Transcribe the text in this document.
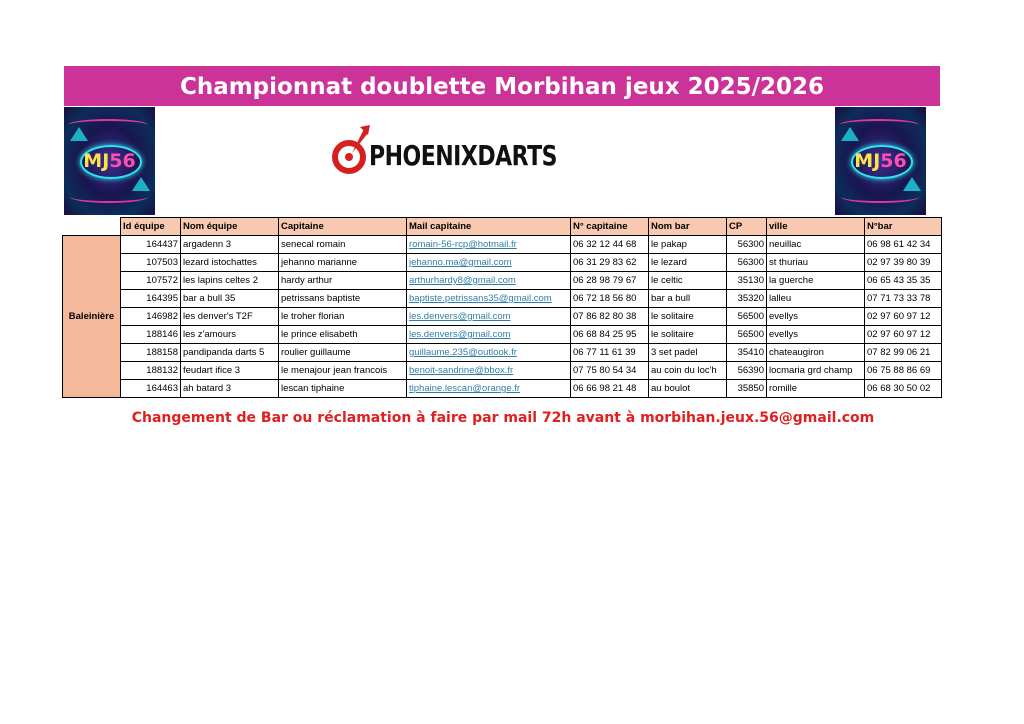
Championnat doublette Morbihan jeux 2025/2026
MJ56	MJ56
PHOENIXDARTS
	Id équipe	Nom équipe	Capitaine	Mail capitaine	N° capitaine	Nom bar	CP	ville	N°bar
Baleinière	164437	argadenn 3	senecal romain	romain-56-rcp@hotmail.fr	06 32 12 44 68	le pakap	56300	neuillac	06 98 61 42 34
	107503	lezard istochattes	jehanno marianne	jehanno.ma@gmail.com	06 31 29 83 62	le lezard	56300	st thuriau	02 97 39 80 39
	107572	les lapins celtes 2	hardy arthur	arthurhardy8@gmail.com	06 28 98 79 67	le celtic	35130	la guerche	06 65 43 35 35
	164395	bar a bull 35	petrissans baptiste	baptiste.petrissans35@gmail.com	06 72 18 56 80	bar a bull	35320	lalleu	07 71 73 33 78
	146982	les denver's T2F	le troher florian	les.denvers@gmail.com	07 86 82 80 38	le solitaire	56500	evellys	02 97 60 97 12
	188146	les z'amours	le prince elisabeth	les.denvers@gmail.com	06 68 84 25 95	le solitaire	56500	evellys	02 97 60 97 12
	188158	pandipanda darts 5	roulier guillaume	guillaume.235@outlook.fr	06 77 11 61 39	3 set padel	35410	chateaugiron	07 82 99 06 21
	188132	feudart ifice 3	le menajour jean francois	benoit-sandrine@bbox.fr	07 75 80 54 34	au coin du loc'h	56390	locmaria grd champ	06 75 88 86 69
	164463	ah batard 3	lescan tiphaine	tiphaine.lescan@orange.fr	06 66 98 21 48	au boulot	35850	romille	06 68 30 50 02
Changement de Bar ou réclamation à faire par mail 72h avant à morbihan.jeux.56@gmail.com
